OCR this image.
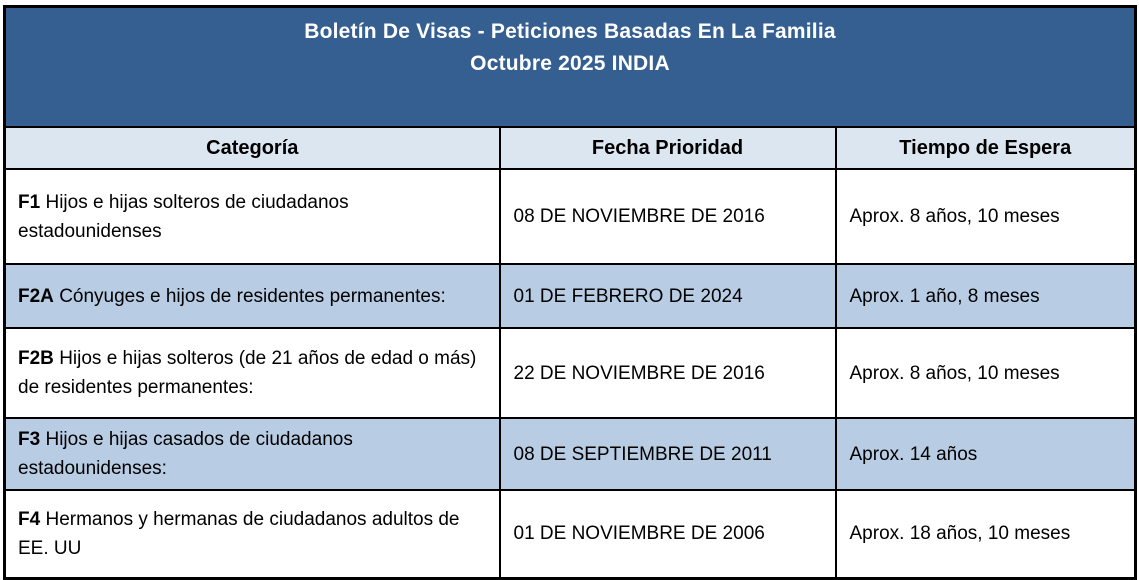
Boletín De Visas - Peticiones Basadas En La Familia
Octubre 2025 INDIA		

Categoría	Fecha Prioridad	Tiempo de Espera
F1 Hijos e hijas solteros de ciudadanos estadounidenses	08 DE NOVIEMBRE DE 2016	Aprox. 8 años, 10 meses
F2A Cónyuges e hijos de residentes permanentes:	01 DE FEBRERO DE 2024	Aprox. 1 año, 8 meses
F2B Hijos e hijas solteros (de 21 años de edad o más) de residentes permanentes:	22 DE NOVIEMBRE DE 2016	Aprox. 8 años, 10 meses
F3 Hijos e hijas casados de ciudadanos estadounidenses:	08 DE SEPTIEMBRE DE 2011	Aprox. 14 años
F4 Hermanos y hermanas de ciudadanos adultos de EE. UU	01 DE NOVIEMBRE DE 2006	Aprox. 18 años, 10 meses
